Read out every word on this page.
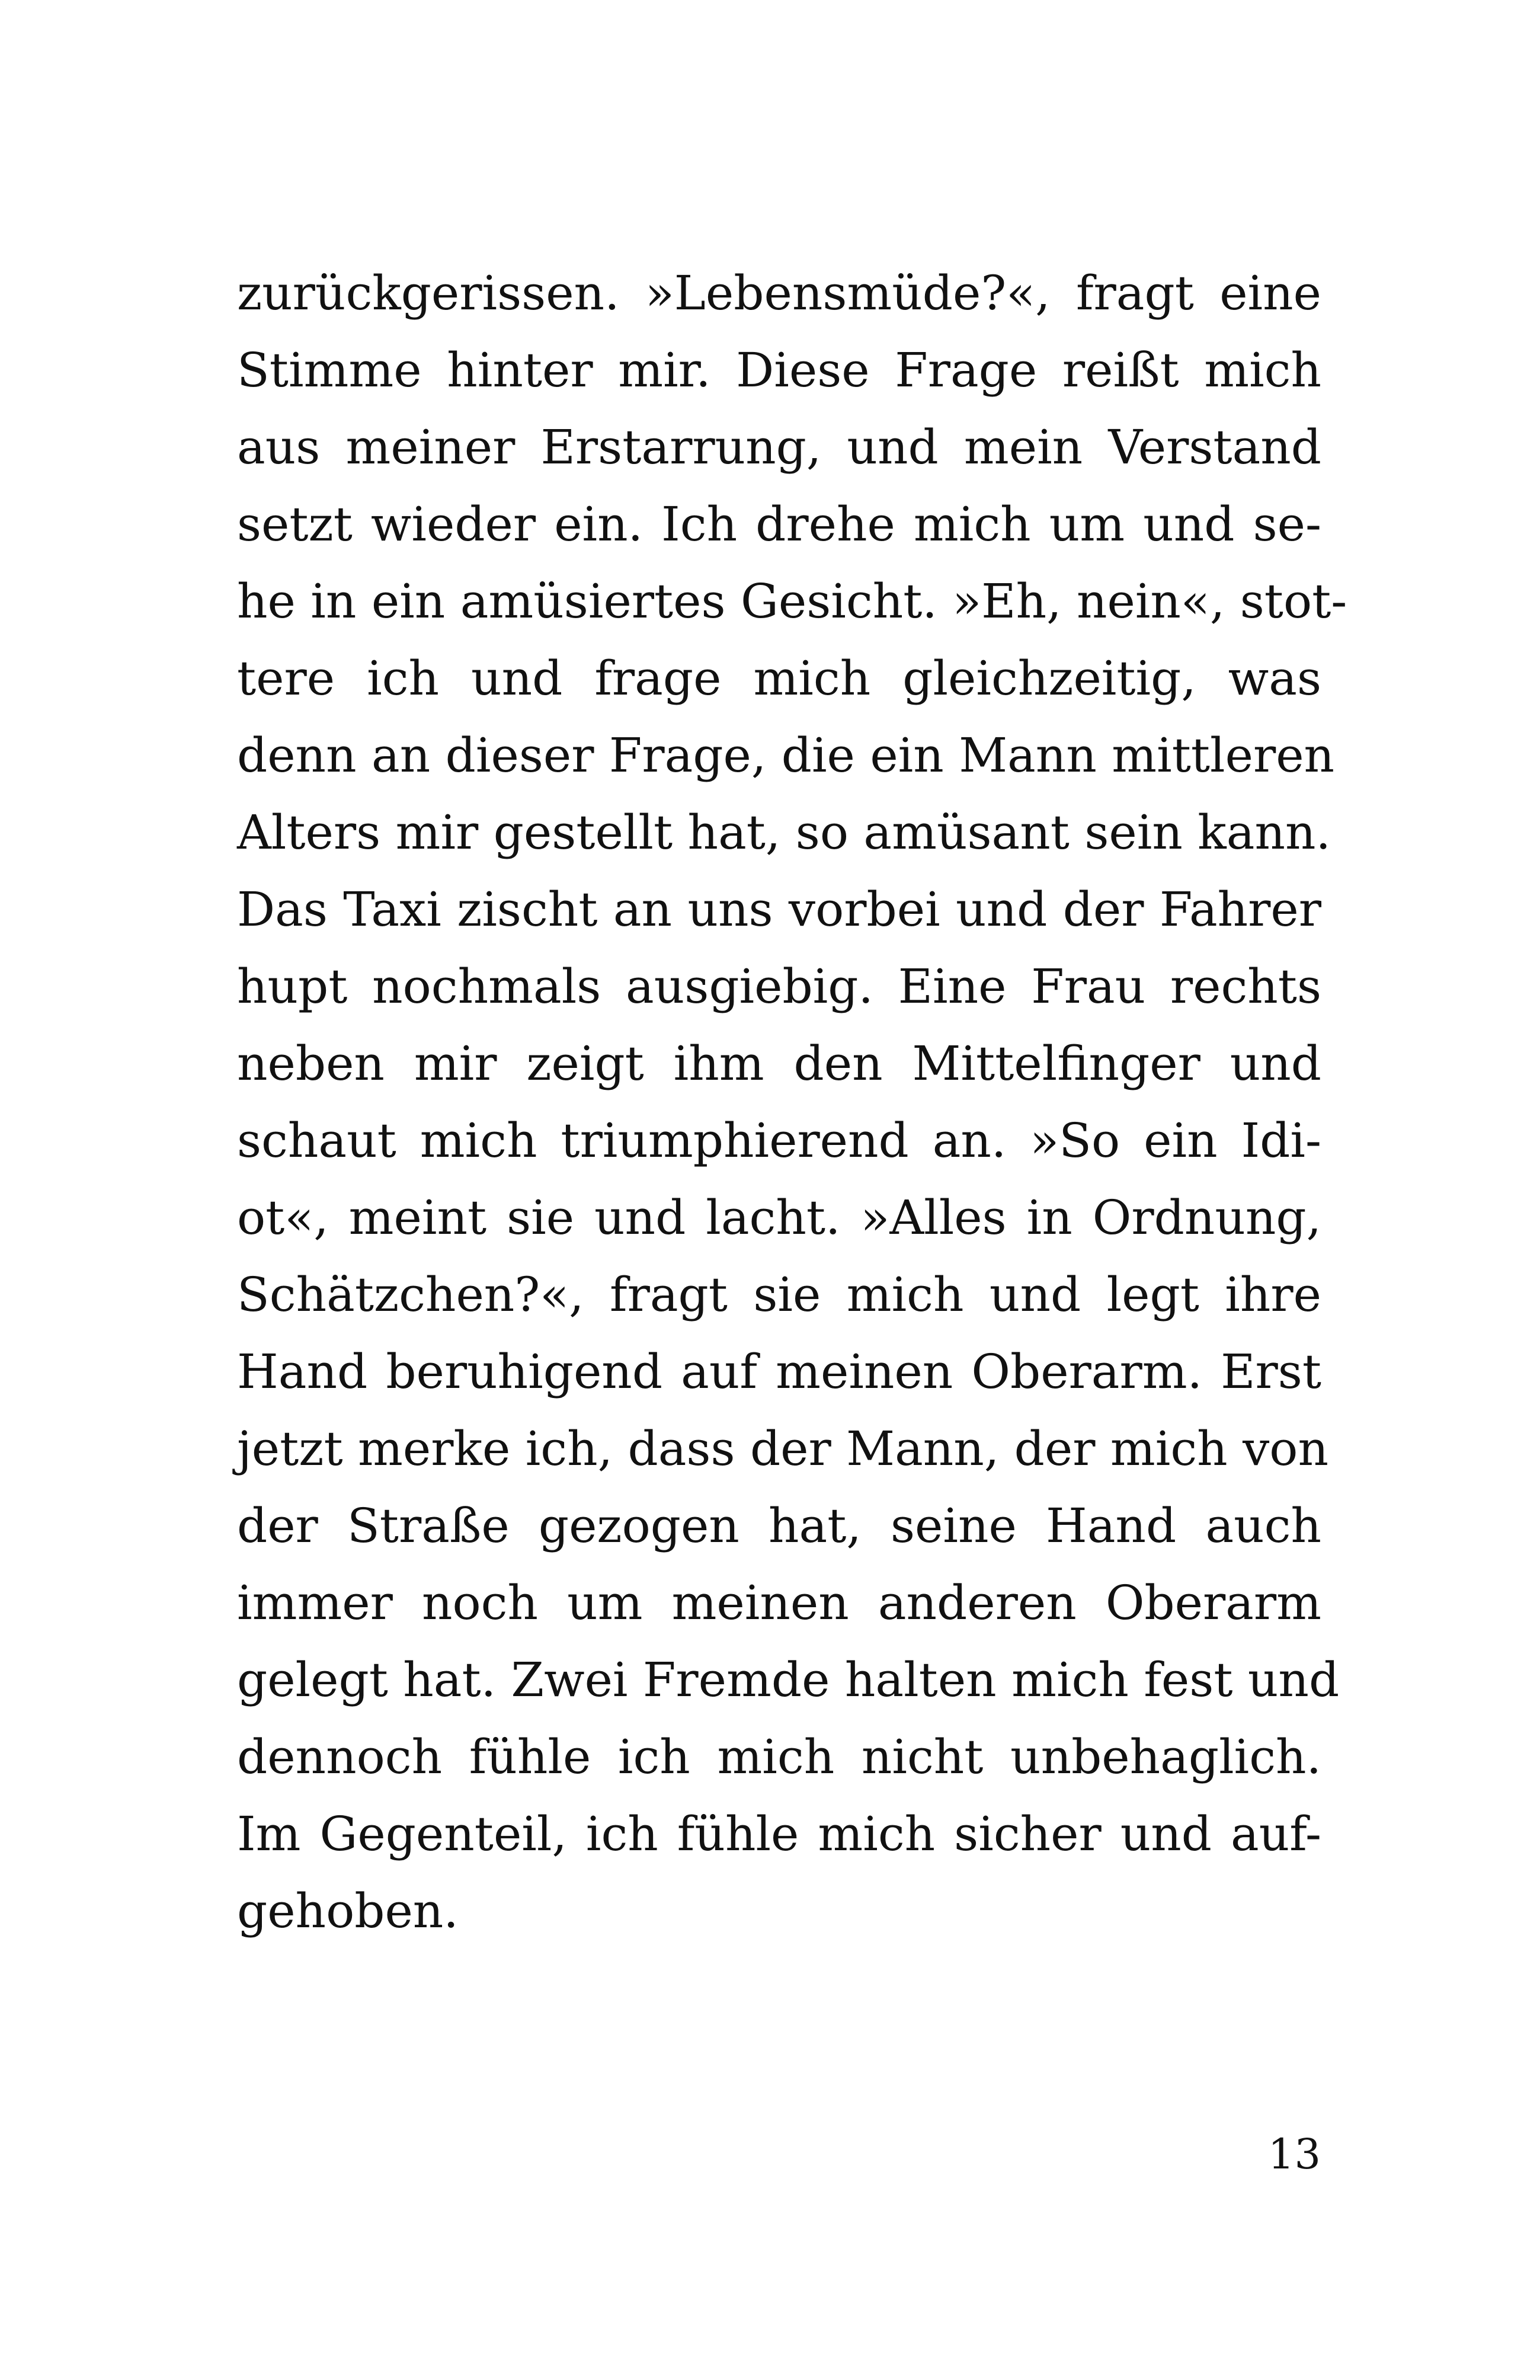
zurückgerissen. »Lebensmüde?«, fragt eine
Stimme hinter mir. Diese Frage reißt mich
aus meiner Erstarrung, und mein Verstand
setzt wieder ein. Ich drehe mich um und se-
he in ein amüsiertes Gesicht. »Eh, nein«, stot-
tere ich und frage mich gleichzeitig, was
denn an dieser Frage, die ein Mann mittleren
Alters mir gestellt hat, so amüsant sein kann.
Das Taxi zischt an uns vorbei und der Fahrer
hupt nochmals ausgiebig. Eine Frau rechts
neben mir zeigt ihm den Mittelfinger und
schaut mich triumphierend an. »So ein Idi-
ot«, meint sie und lacht. »Alles in Ordnung,
Schätzchen?«, fragt sie mich und legt ihre
Hand beruhigend auf meinen Oberarm. Erst
jetzt merke ich, dass der Mann, der mich von
der Straße gezogen hat, seine Hand auch
immer noch um meinen anderen Oberarm
gelegt hat. Zwei Fremde halten mich fest und
dennoch fühle ich mich nicht unbehaglich.
Im Gegenteil, ich fühle mich sicher und auf-
gehoben.
13
